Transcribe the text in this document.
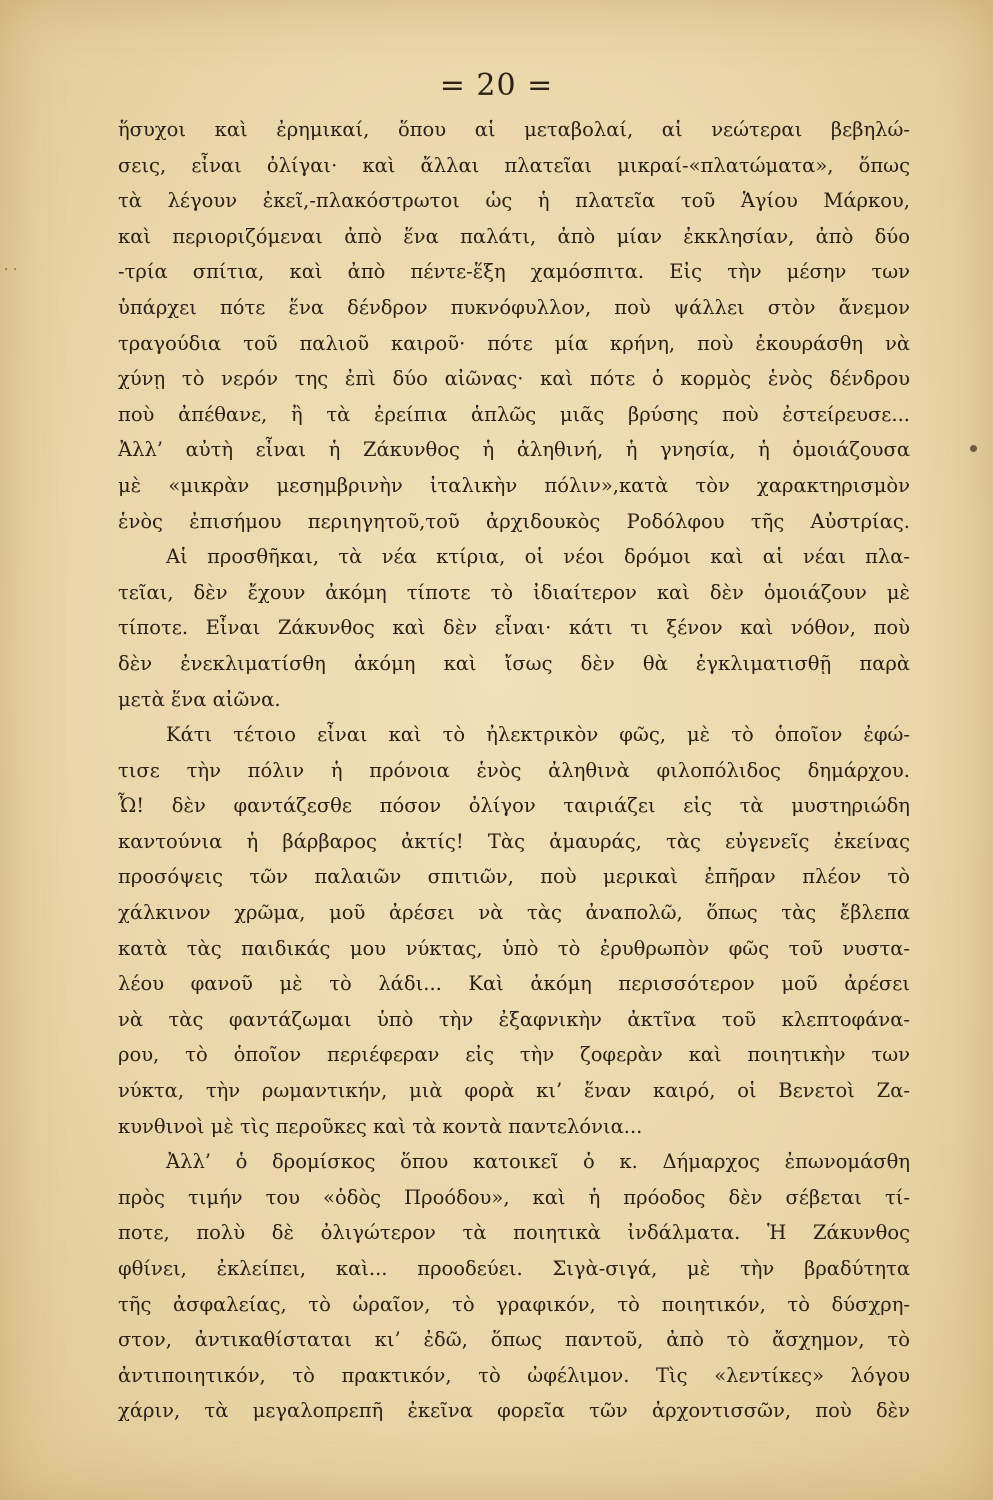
= 20 =
· ·
ἥσυχοι καὶ ἐρημικαί, ὅπου αἱ μεταβολαί, αἱ νεώτεραι βεβηλώ-
σεις, εἶναι ὀλίγαι· καὶ ἄλλαι πλατεῖαι μικραί-«πλατώματα», ὅπως
τὰ λέγουν ἐκεῖ,-πλακόστρωτοι ὡς ἡ πλατεῖα τοῦ Ἁγίου Μάρκου,
καὶ περιοριζόμεναι ἀπὸ ἕνα παλάτι, ἀπὸ μίαν ἐκκλησίαν, ἀπὸ δύο
-τρία σπίτια, καὶ ἀπὸ πέντε-ἕξη χαμόσπιτα. Εἰς τὴν μέσην των
ὑπάρχει πότε ἕνα δένδρον πυκνόφυλλον, ποὺ ψάλλει στὸν ἄνεμον
τραγούδια τοῦ παλιοῦ καιροῦ· πότε μία κρήνη, ποὺ ἐκουράσθη νὰ
χύνῃ τὸ νερόν της ἐπὶ δύο αἰῶνας· καὶ πότε ὁ κορμὸς ἑνὸς δένδρου
ποὺ ἀπέθανε, ἢ τὰ ἐρείπια ἁπλῶς μιᾶς βρύσης ποὺ ἐστείρευσε...
Ἀλλ’ αὐτὴ εἶναι ἡ Ζάκυνθος ἡ ἀληθινή, ἡ γνησία, ἡ ὁμοιάζουσα
μὲ «μικρὰν μεσημβρινὴν ἰταλικὴν πόλιν»,κατὰ τὸν χαρακτηρισμὸν
ἑνὸς ἐπισήμου περιηγητοῦ,τοῦ ἀρχιδουκὸς Ροδόλφου τῆς Αὐστρίας.
Αἱ προσθῆκαι, τὰ νέα κτίρια, οἱ νέοι δρόμοι καὶ αἱ νέαι πλα-
τεῖαι, δὲν ἔχουν ἀκόμη τίποτε τὸ ἰδιαίτερον καὶ δὲν ὁμοιάζουν μὲ
τίποτε. Εἶναι Ζάκυνθος καὶ δὲν εἶναι· κάτι τι ξένον καὶ νόθον, ποὺ
δὲν ἐνεκλιματίσθη ἀκόμη καὶ ἴσως δὲν θὰ ἐγκλιματισθῇ παρὰ
μετὰ ἕνα αἰῶνα.
Κάτι τέτοιο εἶναι καὶ τὸ ἠλεκτρικὸν φῶς, μὲ τὸ ὁποῖον ἐφώ-
τισε τὴν πόλιν ἡ πρόνοια ἑνὸς ἀληθινὰ φιλοπόλιδος δημάρχου.
Ὦ! δὲν φαντάζεσθε πόσον ὀλίγον ταιριάζει εἰς τὰ μυστηριώδη
καντούνια ἡ βάρβαρος ἀκτίς! Τὰς ἀμαυράς, τὰς εὐγενεῖς ἐκείνας
προσόψεις τῶν παλαιῶν σπιτιῶν, ποὺ μερικαὶ ἐπῆραν πλέον τὸ
χάλκινον χρῶμα, μοῦ ἀρέσει νὰ τὰς ἀναπολῶ, ὅπως τὰς ἔβλεπα
κατὰ τὰς παιδικάς μου νύκτας, ὑπὸ τὸ ἐρυθρωπὸν φῶς τοῦ νυστα-
λέου φανοῦ μὲ τὸ λάδι... Καὶ ἀκόμη περισσότερον μοῦ ἀρέσει
νὰ τὰς φαντάζωμαι ὑπὸ τὴν ἐξαφνικὴν ἀκτῖνα τοῦ κλεπτοφάνα-
ρου, τὸ ὁποῖον περιέφεραν εἰς τὴν ζοφερὰν καὶ ποιητικὴν των
νύκτα, τὴν ρωμαντικήν, μιὰ φορὰ κι’ ἕναν καιρό, οἱ Βενετοὶ Ζα-
κυνθινοὶ μὲ τὶς περοῦκες καὶ τὰ κοντὰ παντελόνια...
Ἀλλ’ ὁ δρομίσκος ὅπου κατοικεῖ ὁ κ. Δήμαρχος ἐπωνομάσθη
πρὸς τιμήν του «ὁδὸς Προόδου», καὶ ἡ πρόοδος δὲν σέβεται τί-
ποτε, πολὺ δὲ ὀλιγώτερον τὰ ποιητικὰ ἰνδάλματα. Ἡ Ζάκυνθος
φθίνει, ἐκλείπει, καὶ... προοδεύει. Σιγὰ-σιγά, μὲ τὴν βραδύτητα
τῆς ἀσφαλείας, τὸ ὡραῖον, τὸ γραφικόν, τὸ ποιητικόν, τὸ δύσχρη-
στον, ἀντικαθίσταται κι’ ἐδῶ, ὅπως παντοῦ, ἀπὸ τὸ ἄσχημον, τὸ
ἀντιποιητικόν, τὸ πρακτικόν, τὸ ὠφέλιμον. Τὶς «λεντίκες» λόγου
χάριν, τὰ μεγαλοπρεπῆ ἐκεῖνα φορεῖα τῶν ἀρχοντισσῶν, ποὺ δὲν
